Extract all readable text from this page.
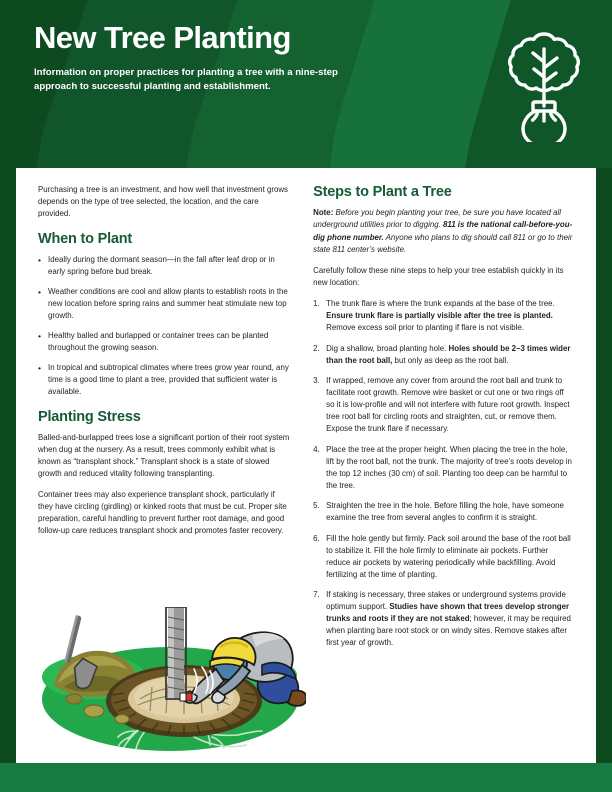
New Tree Planting

Information on proper practices for planting a tree with a nine-step approach to successful planting and establishment.

Purchasing a tree is an investment, and how well that investment grows depends on the type of tree selected, the location, and the care provided.

When to Plant
• Ideally during the dormant season—in the fall after leaf drop or in early spring before bud break.
• Weather conditions are cool and allow plants to establish roots in the new location before spring rains and summer heat stimulate new top growth.
• Healthy balled and burlapped or container trees can be planted throughout the growing season.
• In tropical and subtropical climates where trees grow year round, any time is a good time to plant a tree, provided that sufficient water is available.
Planting Stress

Balled-and-burlapped trees lose a significant portion of their root system when dug at the nursery. As a result, trees commonly exhibit what is known as “transplant shock.” Transplant shock is a state of slowed growth and reduced vitality following transplanting.

Container trees may also experience transplant shock, particularly if they have circling (girdling) or kinked roots that must be cut. Proper site preparation, careful handling to prevent further root damage, and good follow-up care reduces transplant shock and promotes faster recovery.

Steps to Plant a Tree

Note: Before you begin planting your tree, be sure you have located all underground utilities prior to digging. 811 is the national call-before-you-dig phone number. Anyone who plans to dig should call 811 or go to their state 811 center’s website.

Carefully follow these nine steps to help your tree establish quickly in its new location:

The trunk flare is where the trunk expands at the base of the tree. Ensure trunk flare is partially visible after the tree is planted. Remove excess soil prior to planting if flare is not visible.
Dig a shallow, broad planting hole. Holes should be 2–3 times wider than the root ball, but only as deep as the root ball.
If wrapped, remove any cover from around the root ball and trunk to facilitate root growth. Remove wire basket or cut one or two rings off so it is low-profile and will not interfere with future root growth. Inspect tree root ball for circling roots and straighten, cut, or remove them. Expose the trunk flare if necessary.
Place the tree at the proper height. When placing the tree in the hole, lift by the root ball, not the trunk. The majority of tree’s roots develop in the top 12 inches (30 cm) of soil. Planting too deep can be harmful to the tree.
Straighten the tree in the hole. Before filling the hole, have someone examine the tree from several angles to confirm it is straight.
Fill the hole gently but firmly. Pack soil around the base of the root ball to stabilize it. Fill the hole firmly to eliminate air pockets. Further reduce air pockets by watering periodically while backfilling. Avoid fertilizing at the time of planting.
If staking is necessary, three stakes or underground systems provide optimum support. Studies have shown that trees develop stronger trunks and roots if they are not staked; however, it may be required when planting bare root stock or on windy sites. Remove stakes after first year of growth.
